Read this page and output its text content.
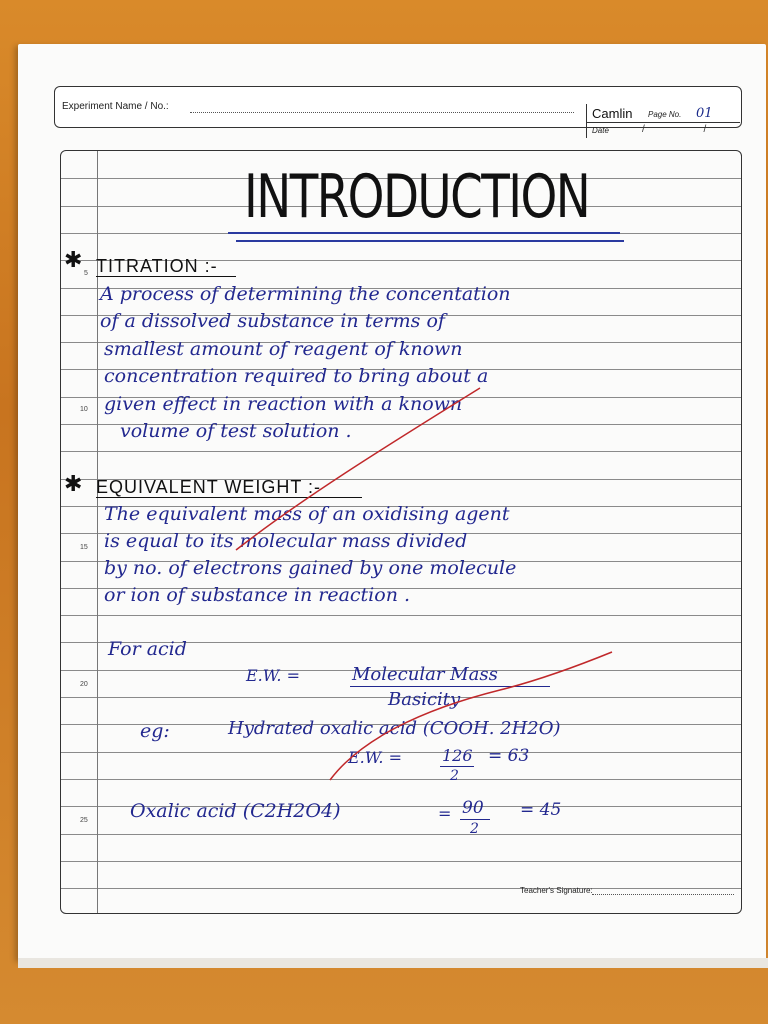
Experiment Name / No.:	Camlin Page No. 01
Date	/ /
5
10
15
20
25
INTRODUCTION
✱ TITRATION :-
A process of determining the concentation
of a dissolved substance in terms of
smallest amount of reagent of known
concentration required to bring about a
given effect in reaction with a known
volume of test solution .
✱ EQUIVALENT WEIGHT :-
The equivalent mass of an oxidising agent
is equal to its molecular mass divided
by no. of electrons gained by one molecule
or ion of substance in reaction .
For acid
E.W. =	Molecular Mass
Basicity
eg:	Hydrated oxalic acid (COOH. 2H2O)
E.W. =	126
2
= 63
Oxalic acid (C2H2O4)	= 90
2
= 45
Teacher's Signature:
